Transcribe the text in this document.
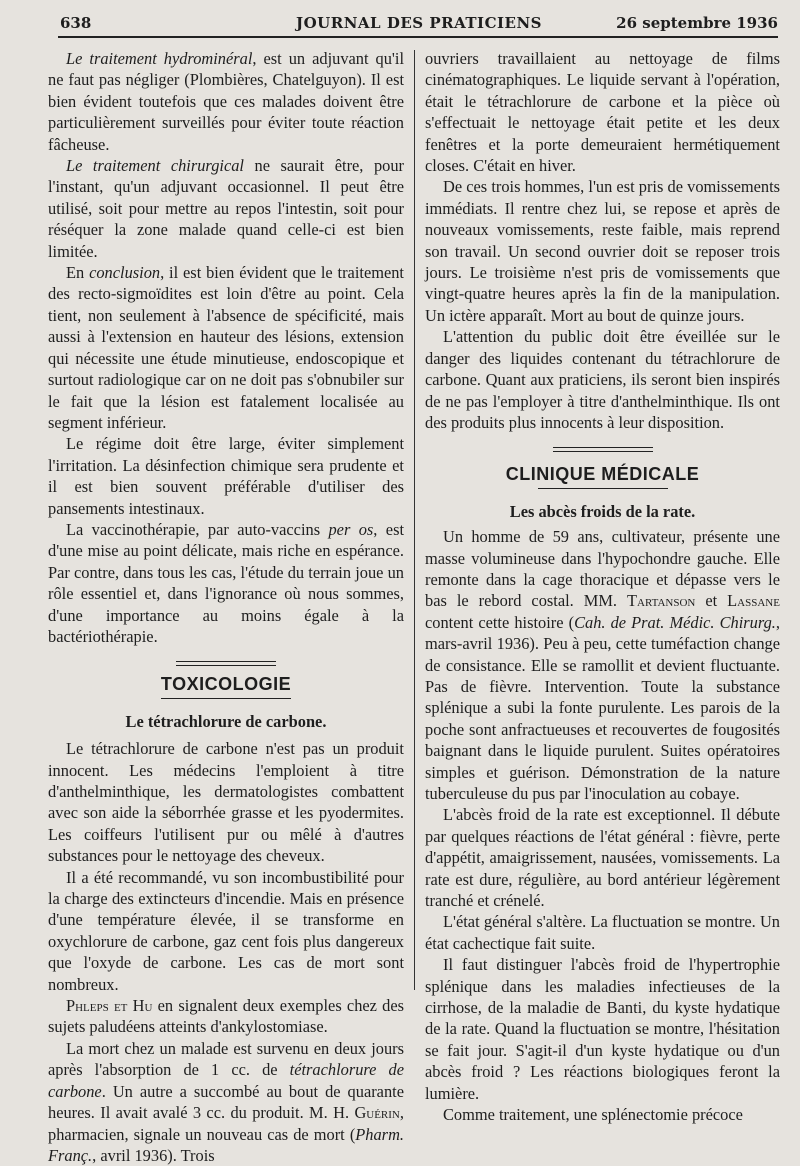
638	JOURNAL DES PRATICIENS	26 septembre 1936

Le traitement hydrominéral, est un adjuvant qu'il ne faut pas négliger (Plombières, Chatelguyon). Il est bien évident toutefois que ces malades doivent être particulièrement surveillés pour éviter toute réaction fâcheuse.

Le traitement chirurgical ne saurait être, pour l'instant, qu'un adjuvant occasionnel. Il peut être utilisé, soit pour mettre au repos l'intestin, soit pour réséquer la zone malade quand celle-ci est bien limitée.

En conclusion, il est bien évident que le traitement des recto-sigmoïdites est loin d'être au point. Cela tient, non seulement à l'absence de spécificité, mais aussi à l'extension en hauteur des lésions, extension qui nécessite une étude minutieuse, endoscopique et surtout radiologique car on ne doit pas s'obnubiler sur le fait que la lésion est fatalement localisée au segment inférieur.

Le régime doit être large, éviter simplement l'irritation. La désinfection chimique sera prudente et il est bien souvent préférable d'utiliser des pansements intestinaux.

La vaccinothérapie, par auto-vaccins per os, est d'une mise au point délicate, mais riche en espérance. Par contre, dans tous les cas, l'étude du terrain joue un rôle essentiel et, dans l'ignorance où nous sommes, d'une importance au moins égale à la bactériothérapie.

TOXICOLOGIE
Le tétrachlorure de carbone.

Le tétrachlorure de carbone n'est pas un produit innocent. Les médecins l'emploient à titre d'anthelminthique, les dermatologistes combattent avec son aide la séborrhée grasse et les pyodermites. Les coiffeurs l'utilisent pur ou mêlé à d'autres substances pour le nettoyage des cheveux.

Il a été recommandé, vu son incombustibilité pour la charge des extincteurs d'incendie. Mais en présence d'une température élevée, il se transforme en oxychlorure de carbone, gaz cent fois plus dangereux que l'oxyde de carbone. Les cas de mort sont nombreux.

Phleps et Hu en signalent deux exemples chez des sujets paludéens atteints d'ankylostomiase.

La mort chez un malade est survenu en deux jours après l'absorption de 1 cc. de tétrachlorure de carbone. Un autre a succombé au bout de quarante heures. Il avait avalé 3 cc. du produit. M. H. Guérin, pharmacien, signale un nouveau cas de mort (Pharm. Franç., avril 1936). Trois

ouvriers travaillaient au nettoyage de films cinématographiques. Le liquide servant à l'opération, était le tétrachlorure de carbone et la pièce où s'effectuait le nettoyage était petite et les deux fenêtres et la porte demeuraient hermétiquement closes. C'était en hiver.

De ces trois hommes, l'un est pris de vomissements immédiats. Il rentre chez lui, se repose et après de nouveaux vomissements, reste faible, mais reprend son travail. Un second ouvrier doit se reposer trois jours. Le troisième n'est pris de vomissements que vingt-quatre heures après la fin de la manipulation. Un ictère apparaît. Mort au bout de quinze jours.

L'attention du public doit être éveillée sur le danger des liquides contenant du tétrachlorure de carbone. Quant aux praticiens, ils seront bien inspirés de ne pas l'employer à titre d'anthelminthique. Ils ont des produits plus innocents à leur disposition.

CLINIQUE MÉDICALE
Les abcès froids de la rate.

Un homme de 59 ans, cultivateur, présente une masse volumineuse dans l'hypochondre gauche. Elle remonte dans la cage thoracique et dépasse vers le bas le rebord costal. MM. Tartanson et Lassane content cette histoire (Cah. de Prat. Médic. Chirurg., mars-avril 1936). Peu à peu, cette tuméfaction change de consistance. Elle se ramollit et devient fluctuante. Pas de fièvre. Intervention. Toute la substance splénique a subi la fonte purulente. Les parois de la poche sont anfractueuses et recouvertes de fougosités baignant dans le liquide purulent. Suites opératoires simples et guérison. Démonstration de la nature tuberculeuse du pus par l'inoculation au cobaye.

L'abcès froid de la rate est exceptionnel. Il débute par quelques réactions de l'état général : fièvre, perte d'appétit, amaigrissement, nausées, vomissements. La rate est dure, régulière, au bord antérieur légèrement tranché et crénelé.

L'état général s'altère. La fluctuation se montre. Un état cachectique fait suite.

Il faut distinguer l'abcès froid de l'hypertrophie splénique dans les maladies infectieuses de la cirrhose, de la maladie de Banti, du kyste hydatique de la rate. Quand la fluctuation se montre, l'hésitation se fait jour. S'agit-il d'un kyste hydatique ou d'un abcès froid ? Les réactions biologiques feront la lumière.

Comme traitement, une splénectomie précoce
